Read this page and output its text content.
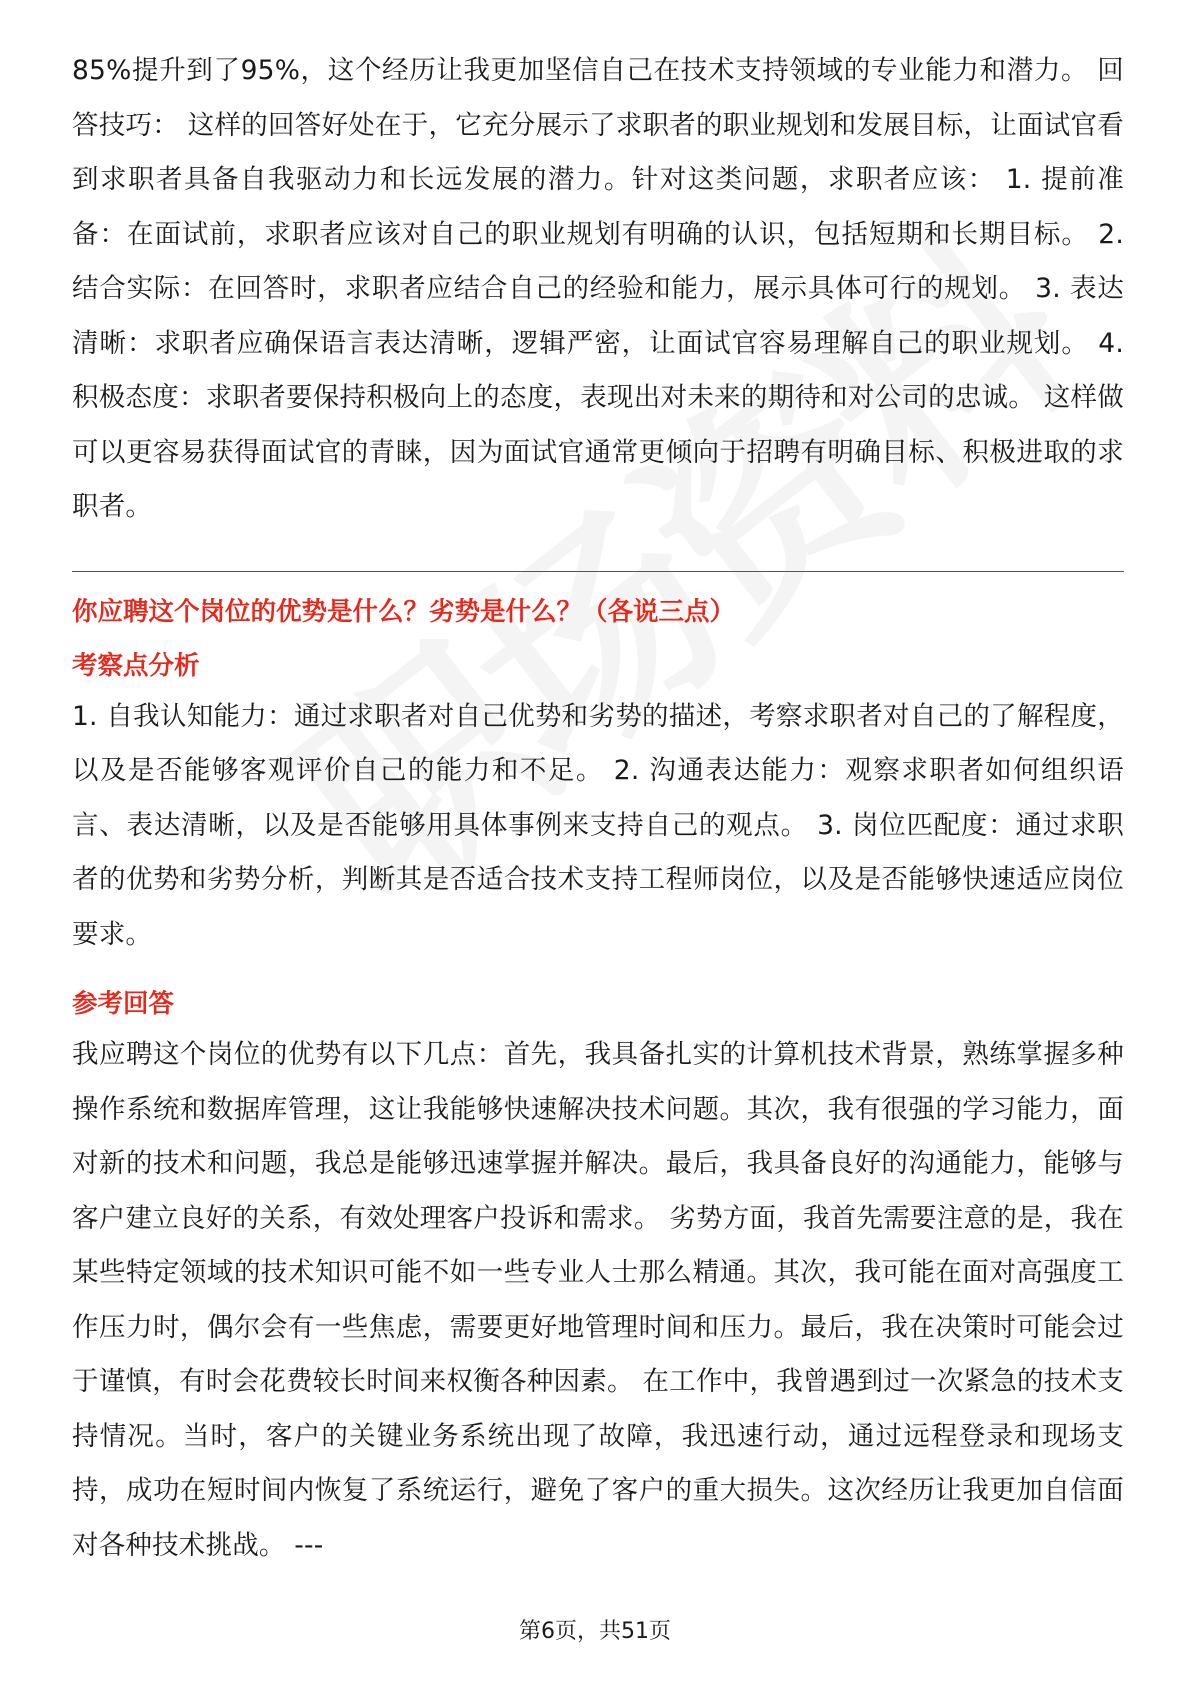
85%提升到了95%，这个经历让我更加坚信自己在技术支持领域的专业能力和潜力。 回答技巧： 这样的回答好处在于，它充分展示了求职者的职业规划和发展目标，让面试官看到求职者具备自我驱动力和长远发展的潜力。针对这类问题，求职者应该： 1. 提前准备：在面试前，求职者应该对自己的职业规划有明确的认识，包括短期和长期目标。 2. 结合实际：在回答时，求职者应结合自己的经验和能力，展示具体可行的规划。 3. 表达清晰：求职者应确保语言表达清晰，逻辑严密，让面试官容易理解自己的职业规划。 4. 积极态度：求职者要保持积极向上的态度，表现出对未来的期待和对公司的忠诚。 这样做可以更容易获得面试官的青睐，因为面试官通常更倾向于招聘有明确目标、积极进取的求职者。

你应聘这个岗位的优势是什么？劣势是什么？（各说三点）

考察点分析

1. 自我认知能力：通过求职者对自己优势和劣势的描述，考察求职者对自己的了解程度，以及是否能够客观评价自己的能力和不足。 2. 沟通表达能力：观察求职者如何组织语言、表达清晰，以及是否能够用具体事例来支持自己的观点。 3. 岗位匹配度：通过求职者的优势和劣势分析，判断其是否适合技术支持工程师岗位，以及是否能够快速适应岗位要求。

参考回答

我应聘这个岗位的优势有以下几点：首先，我具备扎实的计算机技术背景，熟练掌握多种操作系统和数据库管理，这让我能够快速解决技术问题。其次，我有很强的学习能力，面对新的技术和问题，我总是能够迅速掌握并解决。最后，我具备良好的沟通能力，能够与客户建立良好的关系，有效处理客户投诉和需求。 劣势方面，我首先需要注意的是，我在某些特定领域的技术知识可能不如一些专业人士那么精通。其次，我可能在面对高强度工作压力时，偶尔会有一些焦虑，需要更好地管理时间和压力。最后，我在决策时可能会过于谨慎，有时会花费较长时间来权衡各种因素。 在工作中，我曾遇到过一次紧急的技术支持情况。当时，客户的关键业务系统出现了故障，我迅速行动，通过远程登录和现场支持，成功在短时间内恢复了系统运行，避免了客户的重大损失。这次经历让我更加自信面对各种技术挑战。 ---

第6页，共51页
